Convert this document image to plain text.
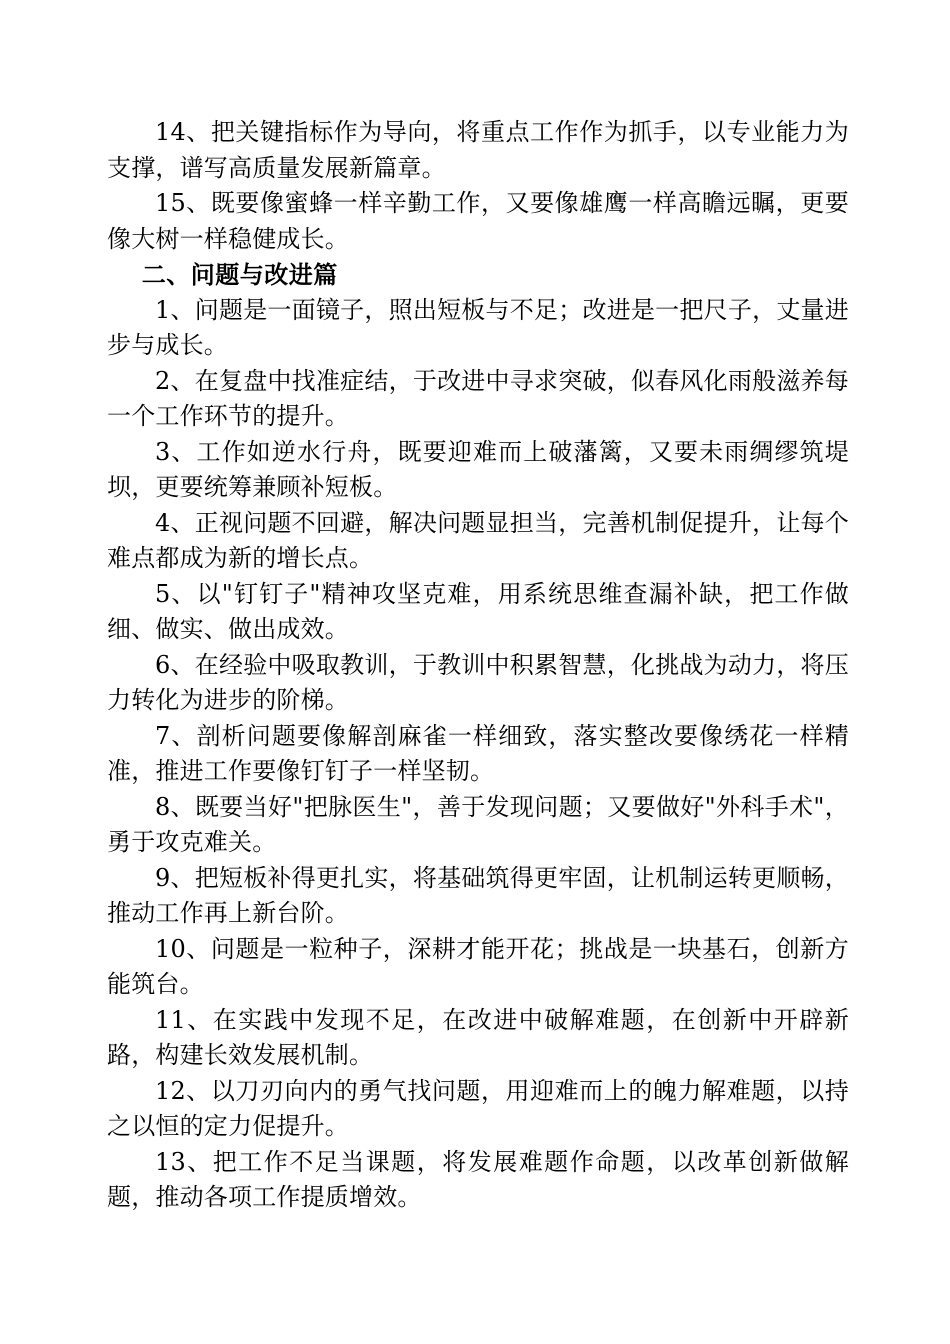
14、把关键指标作为导向，将重点工作作为抓手，以专业能力为支撑，谱写高质量发展新篇章。

15、既要像蜜蜂一样辛勤工作，又要像雄鹰一样高瞻远瞩，更要像大树一样稳健成长。

二、问题与改进篇

1、问题是一面镜子，照出短板与不足；改进是一把尺子，丈量进步与成长。

2、在复盘中找准症结，于改进中寻求突破，似春风化雨般滋养每一个工作环节的提升。

3、工作如逆水行舟，既要迎难而上破藩篱，又要未雨绸缪筑堤坝，更要统筹兼顾补短板。

4、正视问题不回避，解决问题显担当，完善机制促提升，让每个难点都成为新的增长点。

5、以"钉钉子"精神攻坚克难，用系统思维查漏补缺，把工作做细、做实、做出成效。

6、在经验中吸取教训，于教训中积累智慧，化挑战为动力，将压力转化为进步的阶梯。

7、剖析问题要像解剖麻雀一样细致，落实整改要像绣花一样精准，推进工作要像钉钉子一样坚韧。

8、既要当好"把脉医生"，善于发现问题；又要做好"外科手术"，勇于攻克难关。

9、把短板补得更扎实，将基础筑得更牢固，让机制运转更顺畅，推动工作再上新台阶。

10、问题是一粒种子，深耕才能开花；挑战是一块基石，创新方能筑台。

11、在实践中发现不足，在改进中破解难题，在创新中开辟新路，构建长效发展机制。

12、以刀刃向内的勇气找问题，用迎难而上的魄力解难题，以持之以恒的定力促提升。

13、把工作不足当课题，将发展难题作命题，以改革创新做解题，推动各项工作提质增效。
